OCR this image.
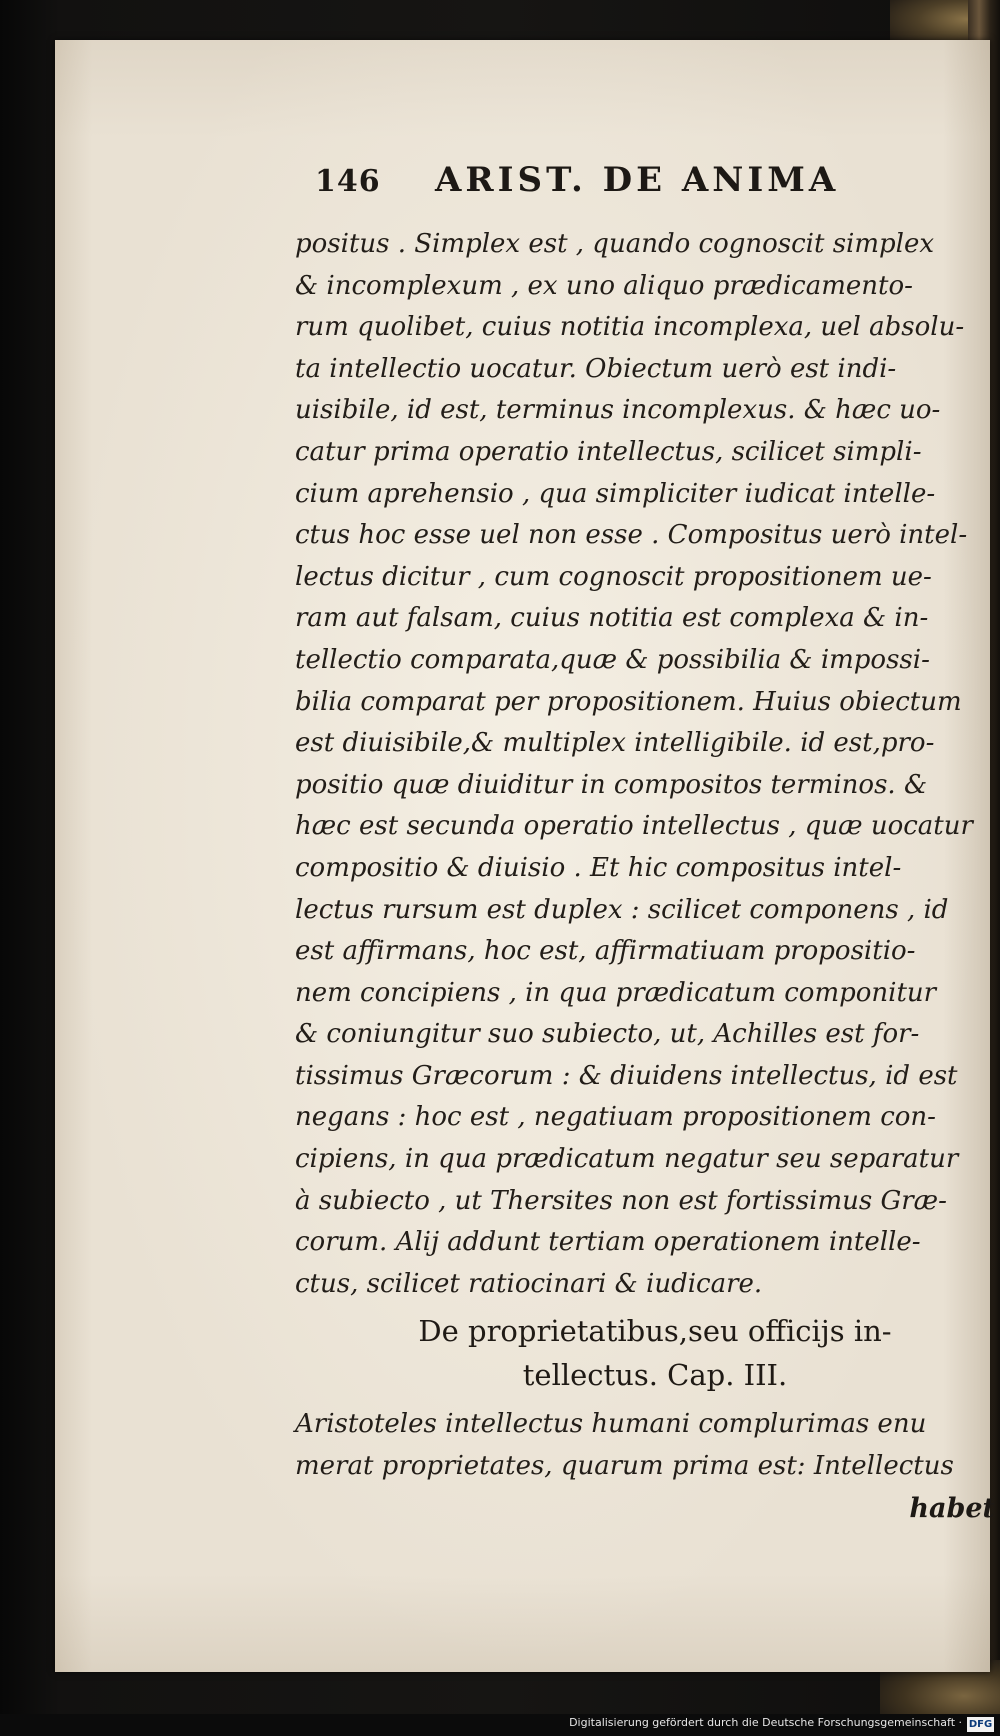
146	ARIST. DE ANIMA
positus . Simplex est , quando cognoscit simplex
& incomplexum , ex uno aliquo prædicamento-
rum quolibet, cuius notitia incomplexa, uel absolu-
ta intellectio uocatur. Obiectum uerò est indi-
uisibile, id est, terminus incomplexus. & hæc uo-
catur prima operatio intellectus, scilicet simpli-
cium aprehensio , qua simpliciter iudicat intelle-
ctus hoc esse uel non esse . Compositus uerò intel-
lectus dicitur , cum cognoscit propositionem ue-
ram aut falsam, cuius notitia est complexa & in-
tellectio comparata,quæ & possibilia & impossi-
bilia comparat per propositionem. Huius obiectum
est diuisibile,& multiplex intelligibile. id est,pro-
positio quæ diuiditur in compositos terminos. &
hæc est secunda operatio intellectus , quæ uocatur
compositio & diuisio . Et hic compositus intel-
lectus rursum est duplex : scilicet componens , id
est affirmans, hoc est, affirmatiuam propositio-
nem concipiens , in qua prædicatum componitur
& coniungitur suo subiecto, ut, Achilles est for-
tissimus Græcorum : & diuidens intellectus, id est
negans : hoc est , negatiuam propositionem con-
cipiens, in qua prædicatum negatur seu separatur
à subiecto , ut Thersites non est fortissimus Græ-
corum. Alij addunt tertiam operationem intelle-
ctus, scilicet ratiocinari & iudicare.
De proprietatibus,seu officijs in-
tellectus. Cap. III.
Aristoteles intellectus humani complurimas enu
merat proprietates, quarum prima est: Intellectus
habet
Digitalisierung gefördert durch die Deutsche Forschungsgemeinschaft · DFG
